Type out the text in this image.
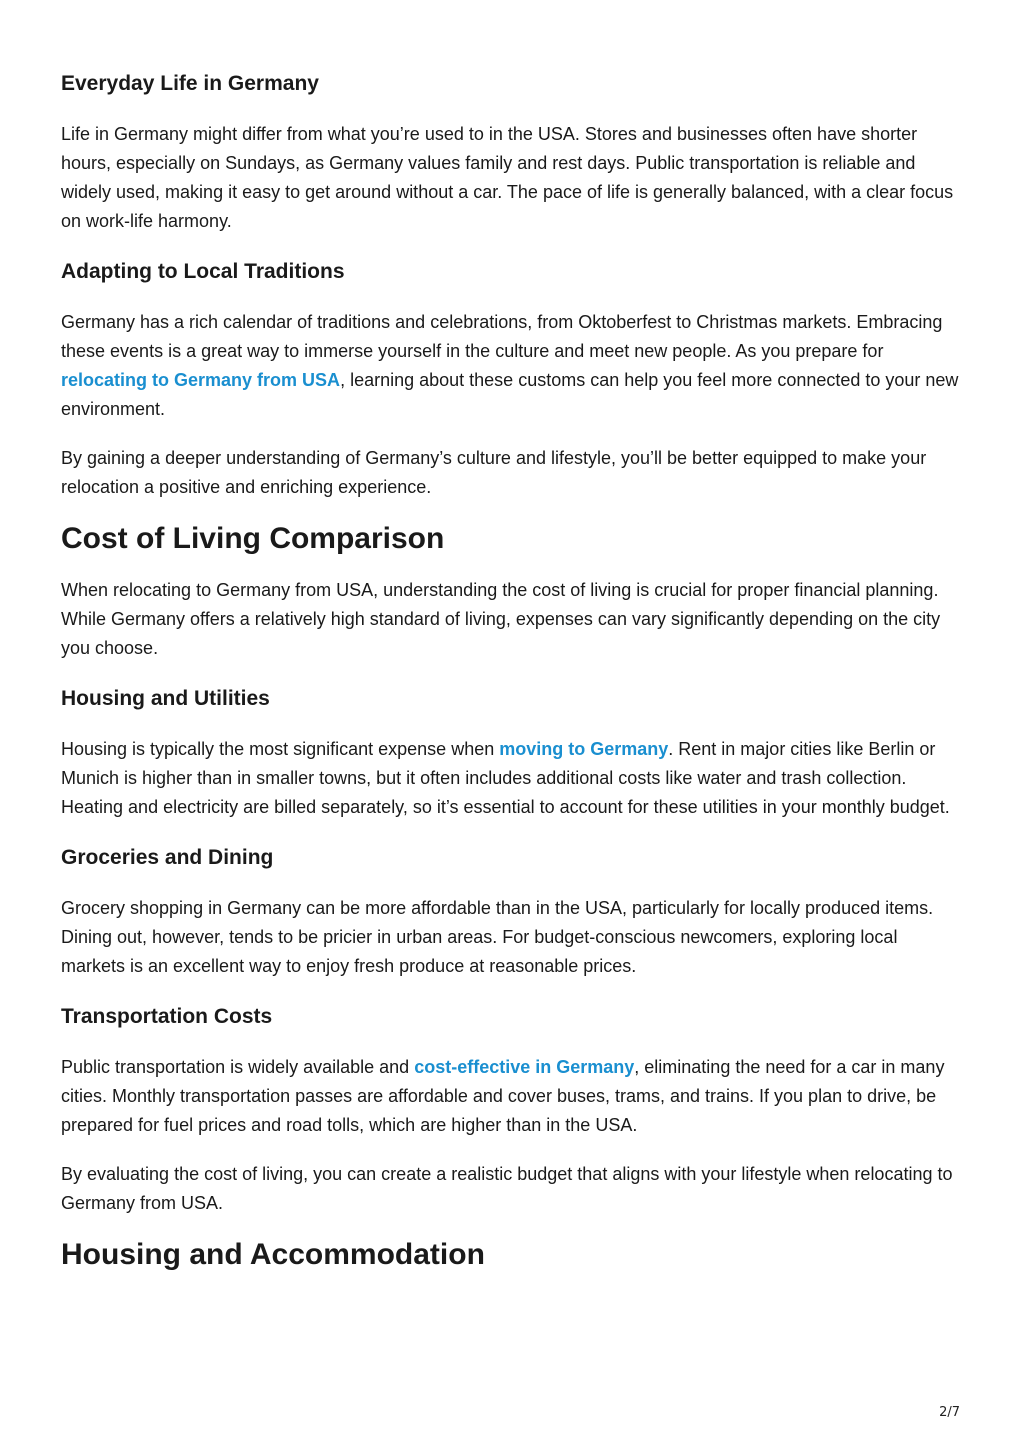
Everyday Life in Germany

Life in Germany might differ from what you’re used to in the USA. Stores and businesses often have shorter hours, especially on Sundays, as Germany values family and rest days. Public transportation is reliable and widely used, making it easy to get around without a car. The pace of life is generally balanced, with a clear focus on work-life harmony.

Adapting to Local Traditions

Germany has a rich calendar of traditions and celebrations, from Oktoberfest to Christmas markets. Embracing these events is a great way to immerse yourself in the culture and meet new people. As you prepare for relocating to Germany from USA, learning about these customs can help you feel more connected to your new environment.

By gaining a deeper understanding of Germany’s culture and lifestyle, you’ll be better equipped to make your relocation a positive and enriching experience.

Cost of Living Comparison

When relocating to Germany from USA, understanding the cost of living is crucial for proper financial planning. While Germany offers a relatively high standard of living, expenses can vary significantly depending on the city you choose.

Housing and Utilities

Housing is typically the most significant expense when moving to Germany. Rent in major cities like Berlin or Munich is higher than in smaller towns, but it often includes additional costs like water and trash collection. Heating and electricity are billed separately, so it’s essential to account for these utilities in your monthly budget.

Groceries and Dining

Grocery shopping in Germany can be more affordable than in the USA, particularly for locally produced items. Dining out, however, tends to be pricier in urban areas. For budget-conscious newcomers, exploring local markets is an excellent way to enjoy fresh produce at reasonable prices.

Transportation Costs

Public transportation is widely available and cost-effective in Germany, eliminating the need for a car in many cities. Monthly transportation passes are affordable and cover buses, trams, and trains. If you plan to drive, be prepared for fuel prices and road tolls, which are higher than in the USA.

By evaluating the cost of living, you can create a realistic budget that aligns with your lifestyle when relocating to Germany from USA.

Housing and Accommodation
2/7
